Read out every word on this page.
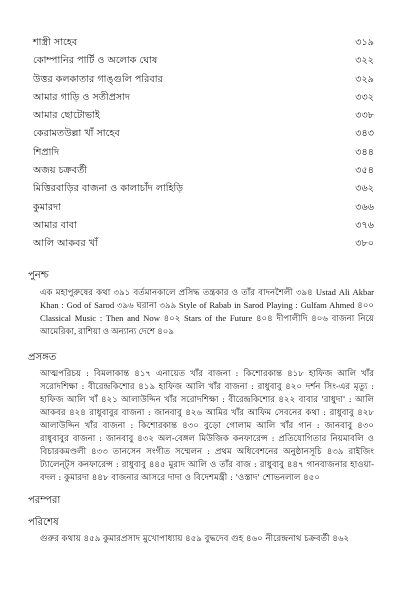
শাস্ত্রী সাহেব	৩১৯
কোম্পানির পার্টি ও অলোক ঘোষ	৩২২
উত্তর কলকাতার গাঙ্গুলি পরিবার	৩২৯
আমার গাড়ি ও সতীপ্রসাদ	৩৩২
আমার ছোটোভাই	৩৩৮
কেরামতউল্লা খাঁ সাহেব	৩৪৩
শিপ্রাদি	৩৪৪
অজয় চক্রবর্তী	৩৫৪
মিত্তিরবাড়ির বাজনা ও কালাচাঁদ লাহিড়ি	৩৬২
কুমারদা	৩৬৬
আমার বাবা	৩৭৬
আলি আকবর খাঁ	৩৮০
পুনশ্চ

এক মহাপুরুষের কথা ৩৯১ বর্তমানকালে প্রসিদ্ধ তন্ত্রকার ও তাঁর বাদনশৈলী ৩৯৪ Ustad Ali Akbar Khan : God of Sarod ৩৯৬ ঘরানা ৩৯৯ Style of Rabab in Sarod Playing : Gulfam Ahmed ৪০০ Classical Music : Then and Now ৪০২ Stars of the Future ৪০৪ দীপালীদি ৪০৬ বাজনা নিয়ে আমেরিকা, রাশিয়া ও অন্যান্য দেশে ৪০৯

প্রসঙ্গত

আত্মপরিচয় : বিমলাকান্ত ৪১৭ এনায়েত খাঁর বাজনা : কিশোরকান্ত ৪১৮ হাফিজ আলি খাঁর সরোদশিক্ষা : বীরেন্দ্রকিশোর ৪১৯ হাফিজ আলি খাঁর বাজনা : রাধুবাবু ৪২০ দর্শন সিং-এর মৃত্যু : হাফিজ আলি খাঁ ৪২১ আলাউদ্দিন খাঁর সরোদশিক্ষা : বীরেন্দ্রকিশোর ৪২২ বাবার 'রাধুদা' : আলি আকবর ৪২৪ রাধুবাবুর বাজনা : জানবাবু ৪২৬ আমির খাঁর আফিম সেবনের কথা : রাধুবাবু ৪২৮ আলাউদ্দিন খাঁর বাজনা : কিশোরকান্ত ৪৩০ বুড়ো গোলাম আলি খাঁর গান : জানবাবু ৪৩০ রাধুবাবুর বাজনা : জানবাবু ৪৩২ অল-বেঙ্গল মিউজিক কনফারেন্স : প্রতিযোগিতার নিয়মাবলি ও বিচারকমণ্ডলী ৪৩৩ তানসেন সংগীত সম্মেলন : প্রথম অধিবেশনের অনুষ্ঠানসূচি ৪৩৯ রাইজিং ট্যালেন্ট্স কনফারেন্স : রাধুবাবু ৪৪৫ মুরাদ আলি ও তাঁর বাজ : রাধুবাবু ৪৪৭ গানবাজনার হাওয়া-বদল : কুমারদা ৪৪৮ বাজনার আসরে দাদা ও বিদেশমন্ত্রী : 'ওস্তাদ' শোভনলাল ৪৫০

পরম্পরা
পরিশেষ

গুরুর কথায় ৪৫৯ কুমারপ্রসাদ মুখোপাধ্যায় ৪৫৯ বুদ্ধদেব গুহ ৪৬০ নীরেন্দ্রনাথ চক্রবর্তী ৪৬২
